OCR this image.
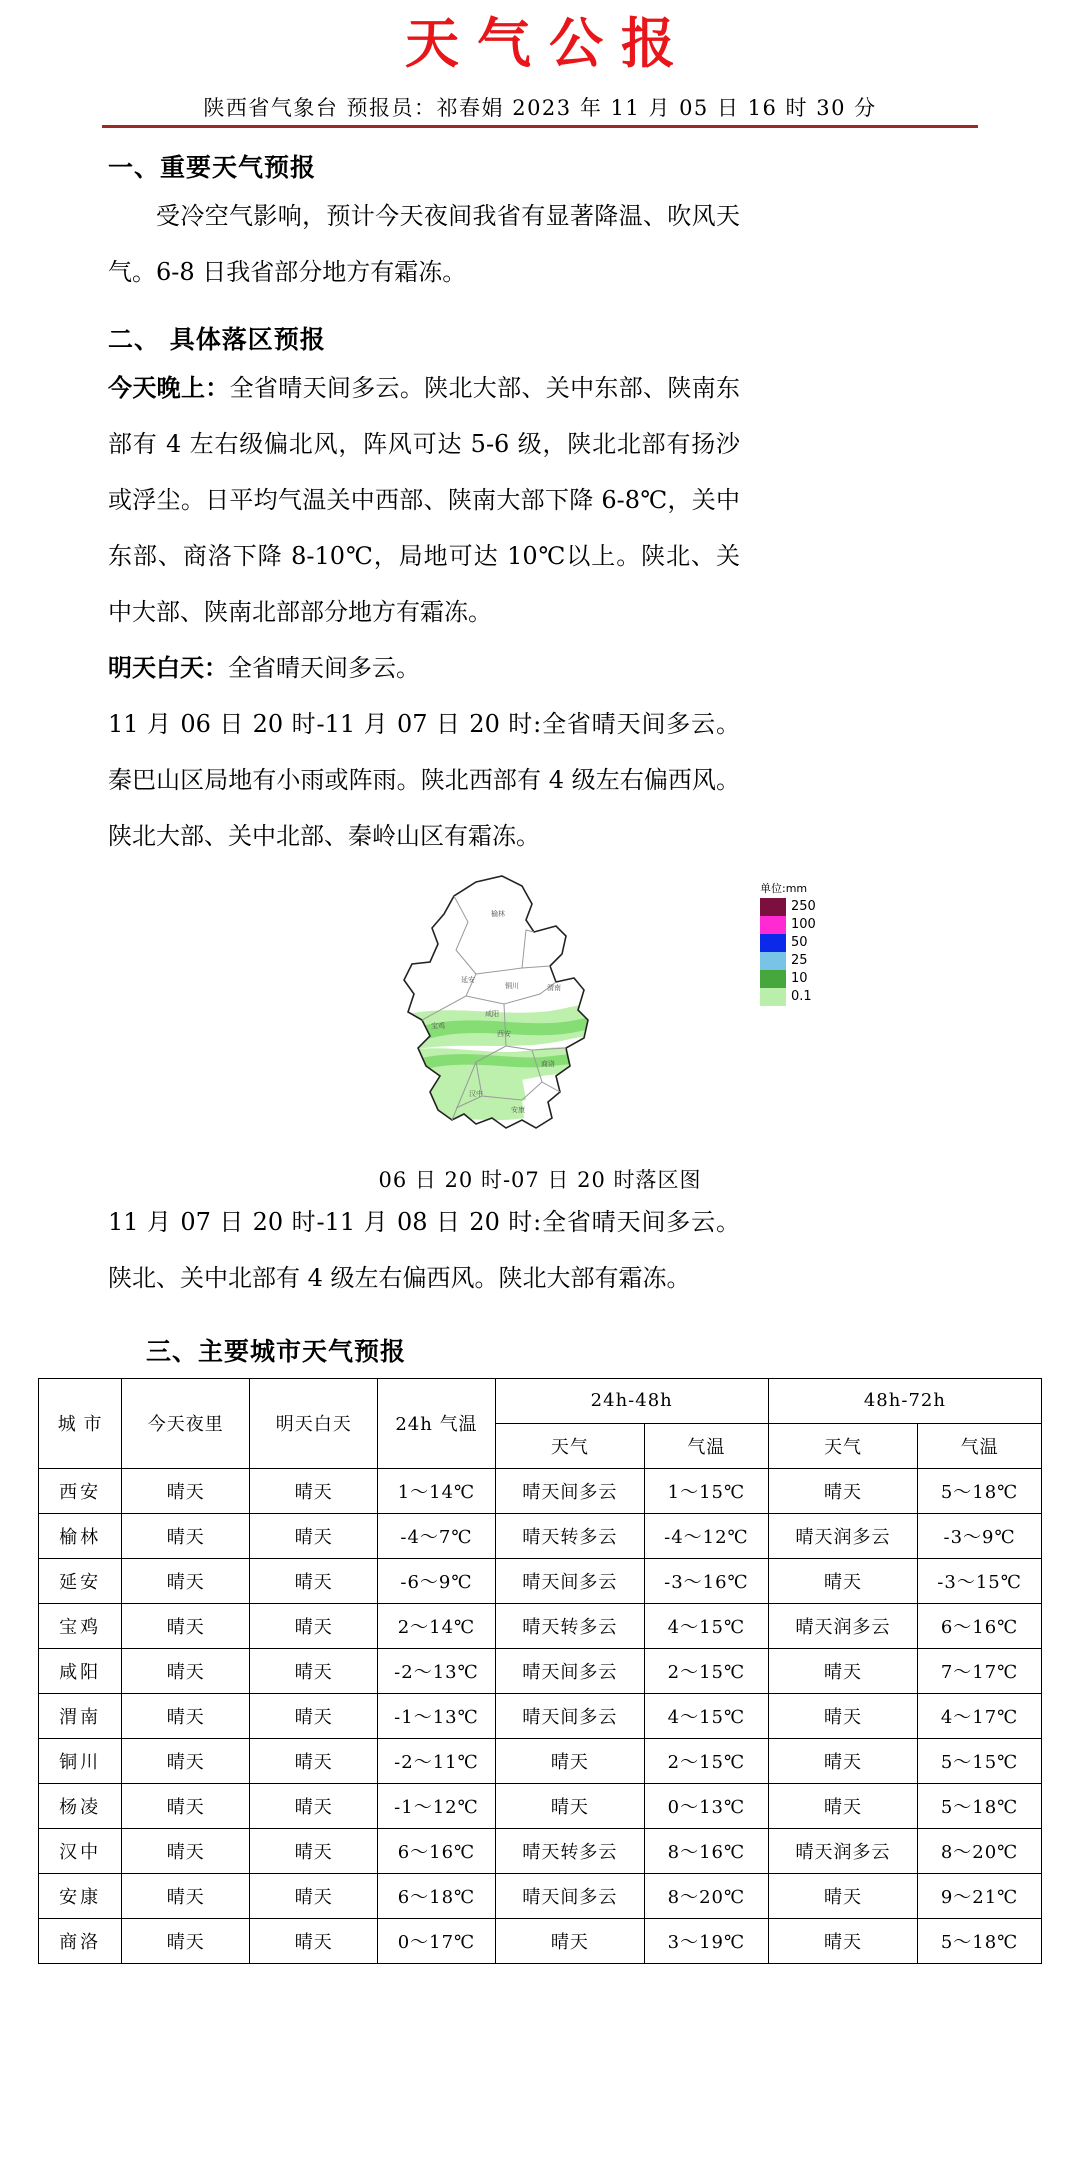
天气公报
陕西省气象台 预报员：祁春娟 2023 年 11 月 05 日 16 时 30 分
一、重要天气预报

受冷空气影响，预计今天夜间我省有显著降温、吹风天气。6-8 日我省部分地方有霜冻。

二、 具体落区预报

今天晚上：全省晴天间多云。陕北大部、关中东部、陕南东部有 4 左右级偏北风，阵风可达 5-6 级，陕北北部有扬沙或浮尘。日平均气温关中西部、陕南大部下降 6-8℃，关中东部、商洛下降 8-10℃，局地可达 10℃以上。陕北、关中大部、陕南北部部分地方有霜冻。

明天白天：全省晴天间多云。

11 月 06 日 20 时-11 月 07 日 20 时:全省晴天间多云。秦巴山区局地有小雨或阵雨。陕北西部有 4 级左右偏西风。陕北大部、关中北部、秦岭山区有霜冻。

榆林
延安
铜川	渭南
宝鸡
咸阳
西安
商洛
汉中
安康
单位:mm
250
100
50
25
10
0.1
06 日 20 时-07 日 20 时落区图

11 月 07 日 20 时-11 月 08 日 20 时:全省晴天间多云。陕北、关中北部有 4 级左右偏西风。陕北大部有霜冻。

三、主要城市天气预报
城 市	今天夜里	明天白天	24h 气温	24h-48h		48h-72h	
				天气	气温	天气	气温
西安	晴天	晴天	1～14℃	晴天间多云	1～15℃	晴天	5～18℃
榆林	晴天	晴天	-4～7℃	晴天转多云	-4～12℃	晴天润多云	-3～9℃
延安	晴天	晴天	-6～9℃	晴天间多云	-3～16℃	晴天	-3～15℃
宝鸡	晴天	晴天	2～14℃	晴天转多云	4～15℃	晴天润多云	6～16℃
咸阳	晴天	晴天	-2～13℃	晴天间多云	2～15℃	晴天	7～17℃
渭南	晴天	晴天	-1～13℃	晴天间多云	4～15℃	晴天	4～17℃
铜川	晴天	晴天	-2～11℃	晴天	2～15℃	晴天	5～15℃
杨凌	晴天	晴天	-1～12℃	晴天	0～13℃	晴天	5～18℃
汉中	晴天	晴天	6～16℃	晴天转多云	8～16℃	晴天润多云	8～20℃
安康	晴天	晴天	6～18℃	晴天间多云	8～20℃	晴天	9～21℃
商洛	晴天	晴天	0～17℃	晴天	3～19℃	晴天	5～18℃
